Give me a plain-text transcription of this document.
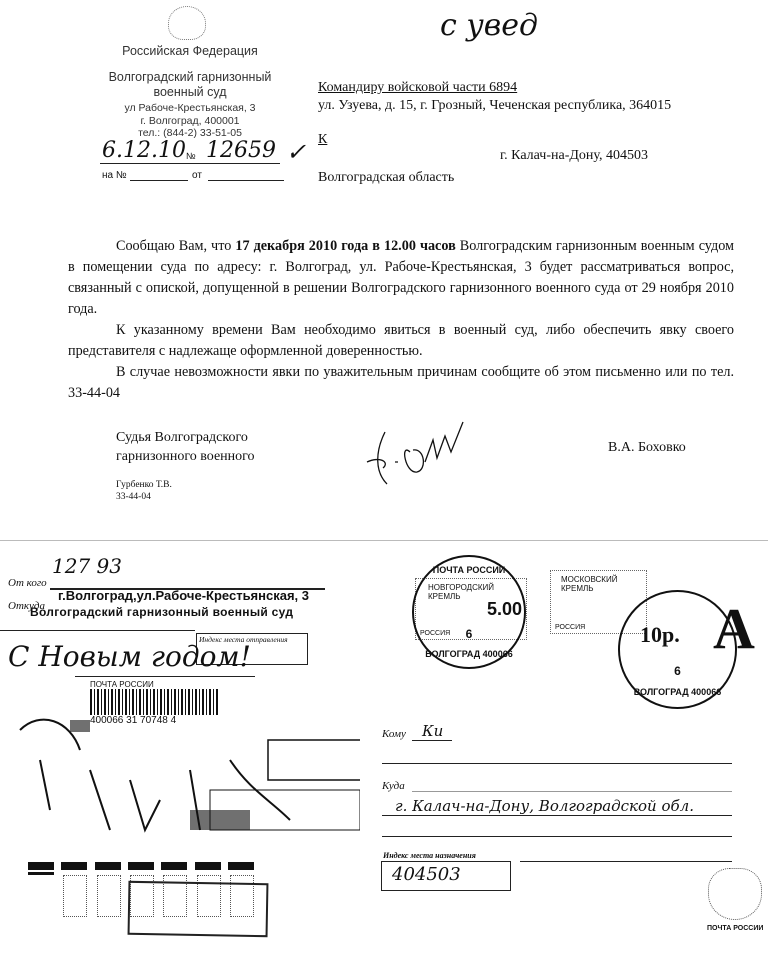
Российская Федерация
Волгоградский гарнизонный
военный суд
ул Рабоче-Крестьянская, 3
г. Волгоград, 400001
тел.: (844-2) 33-51-05
6.12.10 № 12659 ✓
на №	от
с увед
Командиру войсковой части 6894
ул. Узуева, д. 15, г. Грозный, Чеченская республика, 364015
К
г. Калач-на-Дону, 404503
Волгоградская область

Сообщаю Вам, что 17 декабря 2010 года в 12.00 часов Волгоградским гарнизонным военным судом в помещении суда по адресу: г. Волгоград, ул. Рабоче-Крестьянская, 3 будет рассматриваться вопрос, связанный с опиской, допущенной в решении Волгоградского гарнизонного военного суда от 29 ноября 2010 года.

К указанному времени Вам необходимо явиться в военный суд, либо обеспечить явку своего представителя с надлежаще оформленной доверенностью.

В случае невозможности явки по уважительным причинам сообщите об этом письменно или по тел. 33-44-04

Судья Волгоградского
гарнизонного военного
В.А. Боховко
Гурбенко Т.В.
33-44-04
127 93
От кого
Откуда
г.Волгоград,ул.Рабоче-Крестьянская, 3
Волгоградский гарнизонный военный суд
Индекс места отправления
С Новым годом!
ПОЧТА РОССИИ
400066 31 70748 4
НОВГОРОДСКИЙ КРЕМЛЬ
5.00
РОССИЯ
ПОЧТА РОССИИ
6
ВОЛГОГРАД 400066
МОСКОВСКИЙ КРЕМЛЬ
РОССИЯ 10р.
6
ВОЛГОГРАД 400066
A
Кому Ки
Куда
г. Калач-на-Дону, Волгоградской обл.
Индекс места назначения
404503
ПОЧТА РОССИИ
